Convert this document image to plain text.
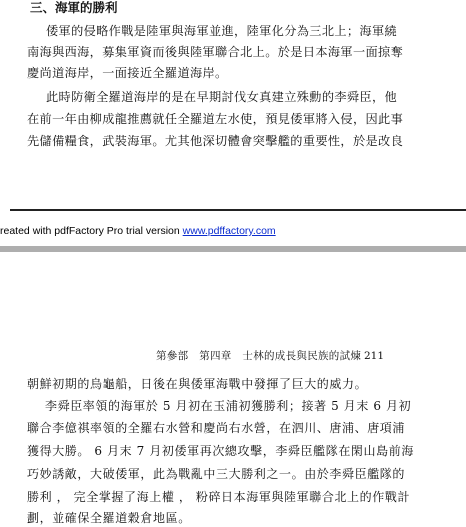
三、海軍的勝利
倭軍的侵略作戰是陸軍與海軍並進，陸軍化分為三北上；海軍繞
南海與西海，募集軍資而後與陸軍聯合北上。於是日本海軍一面掠奪
慶尚道海岸，一面接近全羅道海岸。
此時防衛全羅道海岸的是在早期討伐女真建立殊勳的李舜臣，他
在前一年由柳成龍推薦就任全羅道左水使，預見倭軍將入侵，因此事
先儲備糧食，武裝海軍。尤其他深切體會突擊艦的重要性，於是改良
reated with pdfFactory Pro trial version www.pdffactory.com
第參部　第四章　士林的成長與民族的試煉 211
朝鮮初期的烏龜船，日後在與倭軍海戰中發揮了巨大的威力。
李舜臣率領的海軍於 5 月初在玉浦初獲勝利；接著 5 月末 6 月初
聯合李億祺率領的全羅右水營和慶尚右水營，在泗川、唐浦、唐項浦
獲得大勝。 6 月末 7 月初倭軍再次總攻擊，李舜臣艦隊在閑山島前海
巧妙誘敵，大破倭軍，此為戰亂中三大勝利之一。由於李舜臣艦隊的
勝利 ， 完全掌握了海上權 ， 粉碎日本海軍與陸軍聯合北上的作戰計
劃，並確保全羅道穀倉地區。
